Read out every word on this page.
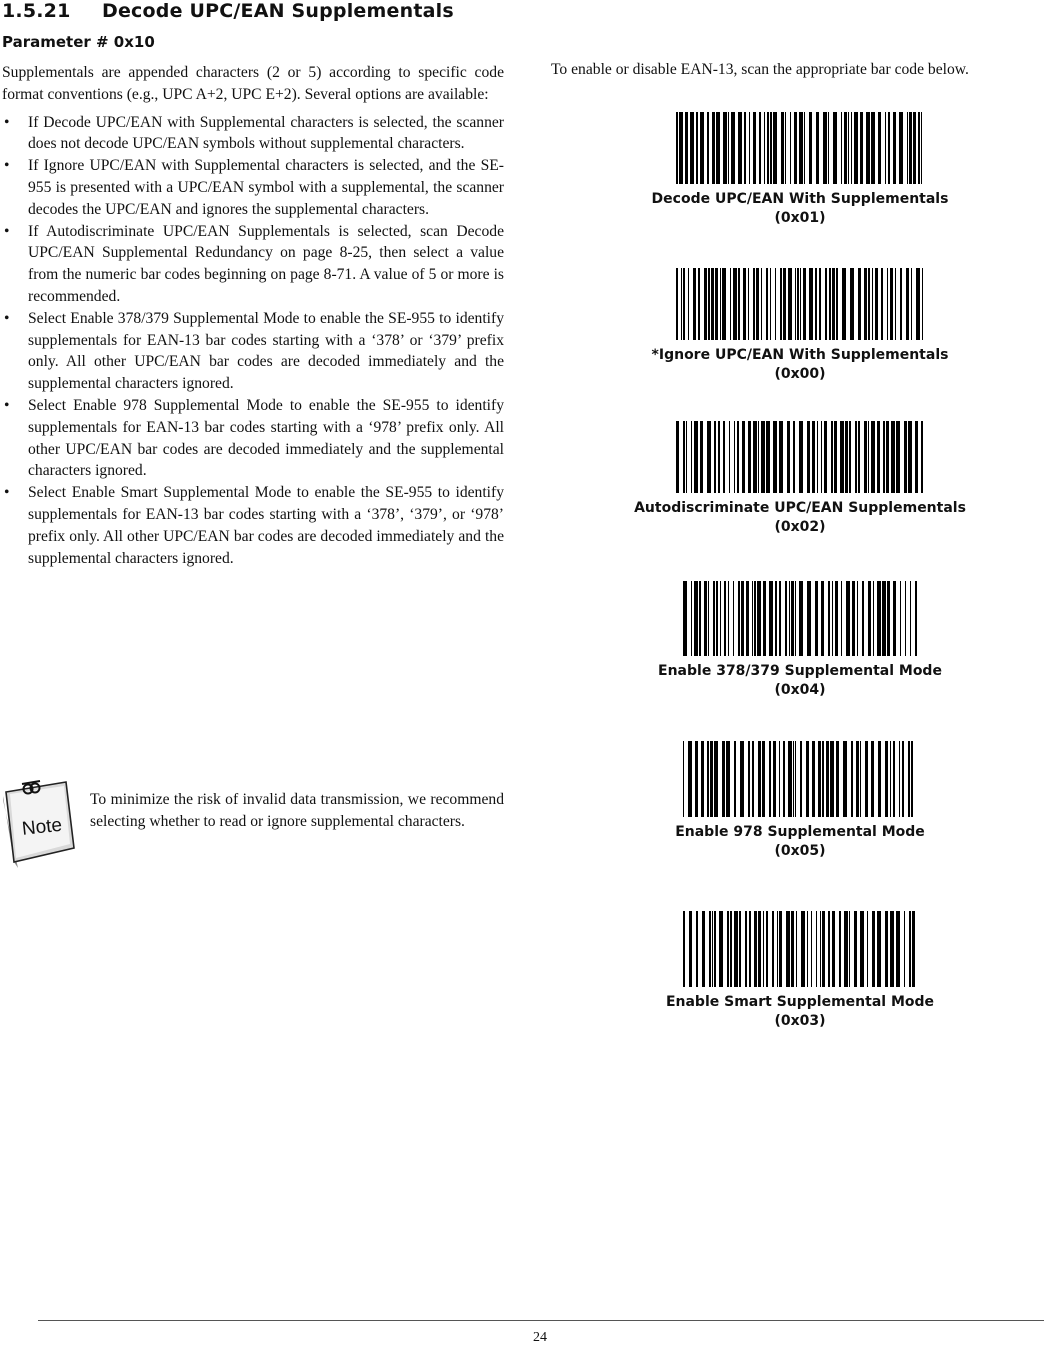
1.5.21 Decode UPC/EAN Supplementals
Parameter # 0x10

Supplementals are appended characters (2 or 5) according to specific code format conventions (e.g., UPC A+2, UPC E+2). Several options are available:

• If Decode UPC/EAN with Supplemental characters is selected, the scanner does not decode UPC/EAN symbols without supplemental characters.
• If Ignore UPC/EAN with Supplemental characters is selected, and the SE-955 is presented with a UPC/EAN symbol with a supplemental, the scanner decodes the UPC/EAN and ignores the supplemental characters.
• If Autodiscriminate UPC/EAN Supplementals is selected, scan Decode UPC/EAN Supplemental Redundancy on page 8-25, then select a value from the numeric bar codes beginning on page 8-71. A value of 5 or more is recommended.
• Select Enable 378/379 Supplemental Mode to enable the SE-955 to identify supplementals for EAN-13 bar codes starting with a ‘378’ or ‘379’ prefix only. All other UPC/EAN bar codes are decoded immediately and the supplemental characters ignored.
• Select Enable 978 Supplemental Mode to enable the SE-955 to identify supplementals for EAN-13 bar codes starting with a ‘978’ prefix only. All other UPC/EAN bar codes are decoded immediately and the supplemental characters ignored.
• Select Enable Smart Supplemental Mode to enable the SE-955 to identify supplementals for EAN-13 bar codes starting with a ‘378’, ‘379’, or ‘978’ prefix only. All other UPC/EAN bar codes are decoded immediately and the supplemental characters ignored.
Note
To minimize the risk of invalid data transmission, we recommend selecting whether to read or ignore supplemental characters.
To enable or disable EAN-13, scan the appropriate bar code below.
Decode UPC/EAN With Supplementals
(0x01)
*Ignore UPC/EAN With Supplementals
(0x00)
Autodiscriminate UPC/EAN Supplementals
(0x02)
Enable 378/379 Supplemental Mode
(0x04)
Enable 978 Supplemental Mode
(0x05)
Enable Smart Supplemental Mode
(0x03)
24
